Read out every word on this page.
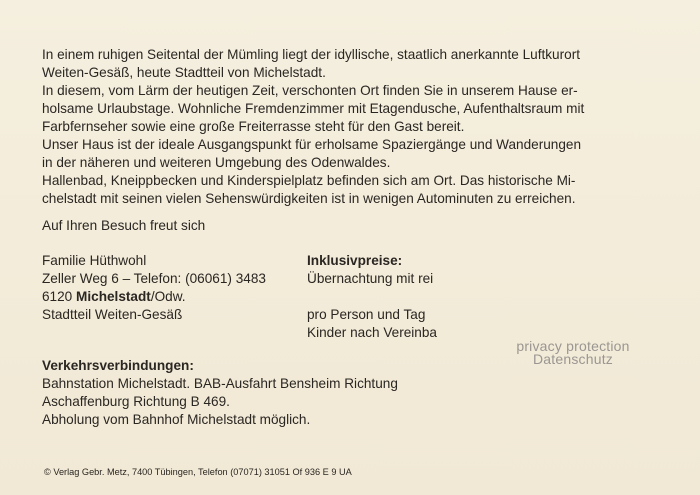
In einem ruhigen Seitental der Mümling liegt der idyllische, staatlich anerkannte Luftkurort

Weiten-Gesäß, heute Stadtteil von Michelstadt.

In diesem, vom Lärm der heutigen Zeit, verschonten Ort finden Sie in unserem Hause er-

holsame Urlaubstage. Wohnliche Fremdenzimmer mit Etagendusche, Aufenthaltsraum mit

Farbfernseher sowie eine große Freiterrasse steht für den Gast bereit.

Unser Haus ist der ideale Ausgangspunkt für erholsame Spaziergänge und Wanderungen

in der näheren und weiteren Umgebung des Odenwaldes.

Hallenbad, Kneippbecken und Kinderspielplatz befinden sich am Ort. Das historische Mi-

chelstadt mit seinen vielen Sehenswürdigkeiten ist in wenigen Autominuten zu erreichen.

Auf Ihren Besuch freut sich

Familie Hüthwohl
Zeller Weg 6 – Telefon: (06061) 3483
6120 Michelstadt/Odw.
Stadtteil Weiten-Gesäß
Inklusivpreise:
Übernachtung mit rei
pro Person und Tag
Kinder nach Vereinba
Verkehrsverbindungen:
Bahnstation Michelstadt. BAB-Ausfahrt Bensheim Richtung
Aschaffenburg Richtung B 469.
Abholung vom Bahnhof Michelstadt möglich.
privacy protection
Datenschutz
© Verlag Gebr. Metz, 7400 Tübingen, Telefon (07071) 31051 Of 936 E 9 UA
